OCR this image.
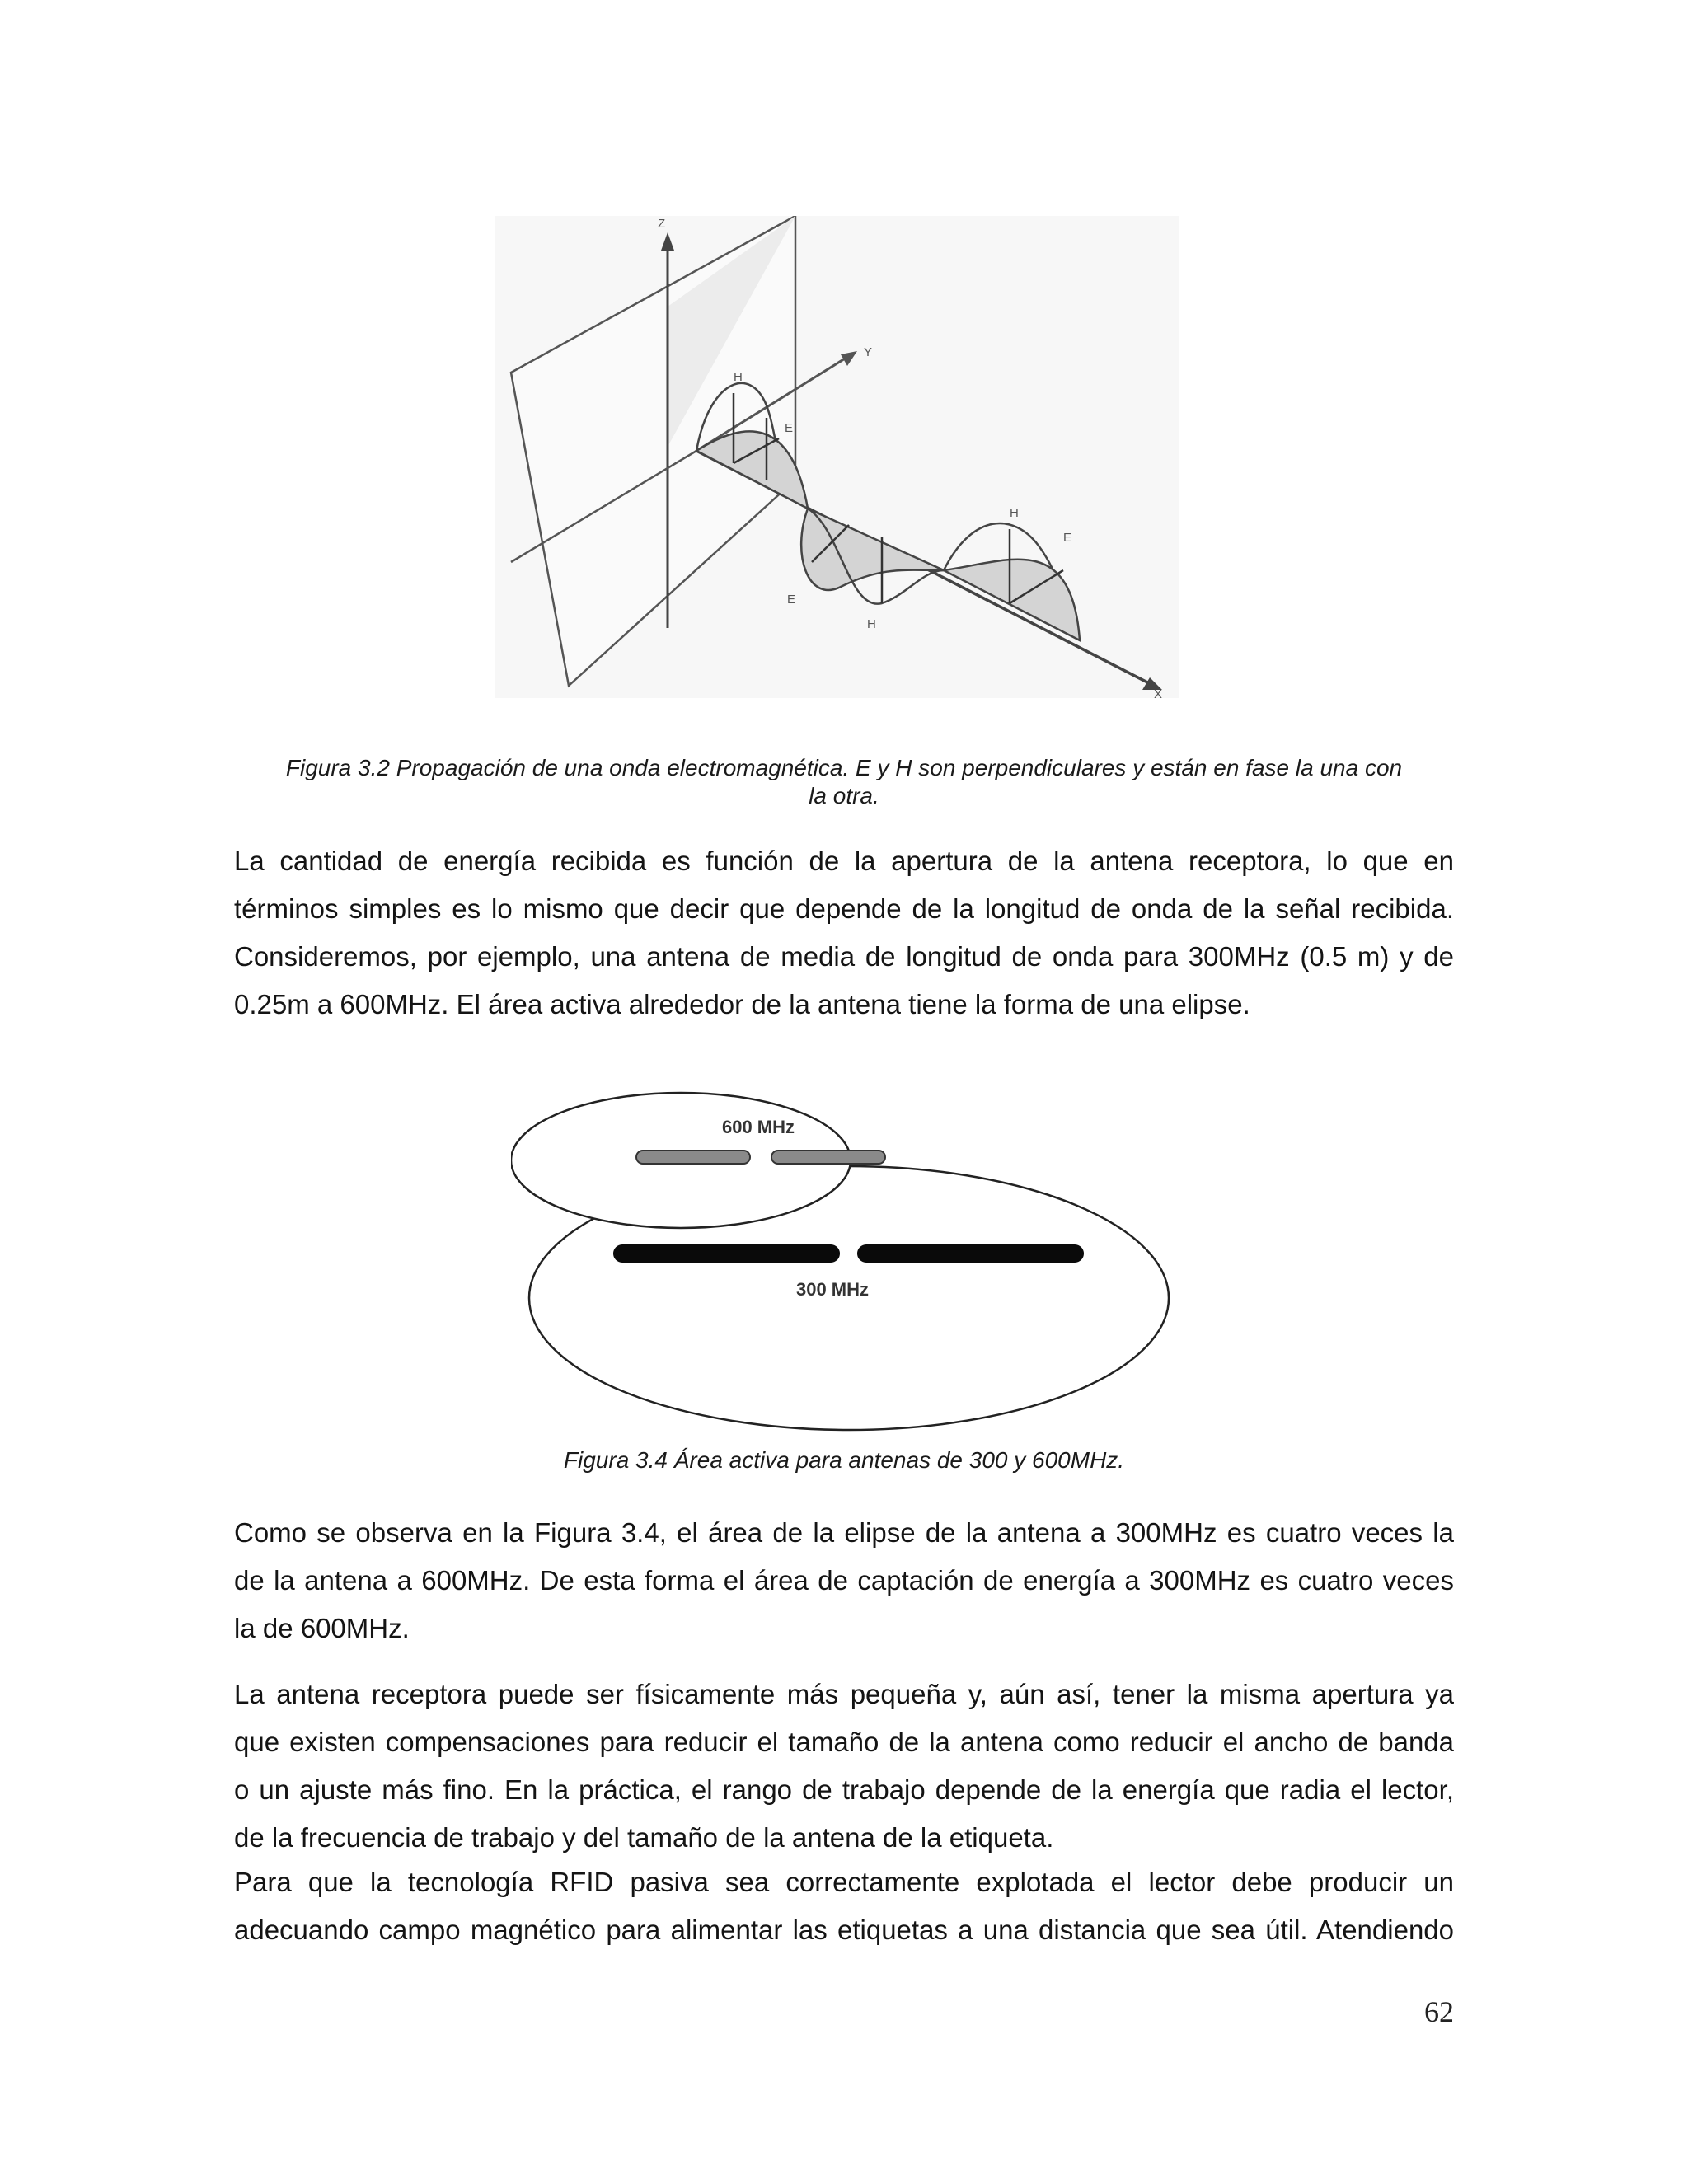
Z
Y
X
H
E
E
H
H
E
Figura 3.2 Propagación de una onda electromagnética. E y H son perpendiculares y están en fase la una con
la otra.
La cantidad de energía recibida es función de la apertura de la antena receptora, lo que en
términos simples es lo mismo que decir que depende de la longitud de onda de la señal recibida.
Consideremos, por ejemplo, una antena de media de longitud de onda para 300MHz (0.5 m) y de
0.25m a 600MHz. El área activa alrededor de la antena tiene la forma de una elipse.
600 MHz
300 MHz
Figura 3.4 Área activa para antenas de 300 y 600MHz.
Como se observa en la Figura 3.4, el área de la elipse de la antena a 300MHz es cuatro veces la
de la antena a 600MHz. De esta forma el área de captación de energía a 300MHz es cuatro veces
la de 600MHz.
La antena receptora puede ser físicamente más pequeña y, aún así, tener la misma apertura ya
que existen compensaciones para reducir el tamaño de la antena como reducir el ancho de banda
o un ajuste más fino. En la práctica, el rango de trabajo depende de la energía que radia el lector,
de la frecuencia de trabajo y del tamaño de la antena de la etiqueta.
Para que la tecnología RFID pasiva sea correctamente explotada el lector debe producir un
adecuando campo magnético para alimentar las etiquetas a una distancia que sea útil. Atendiendo
62
